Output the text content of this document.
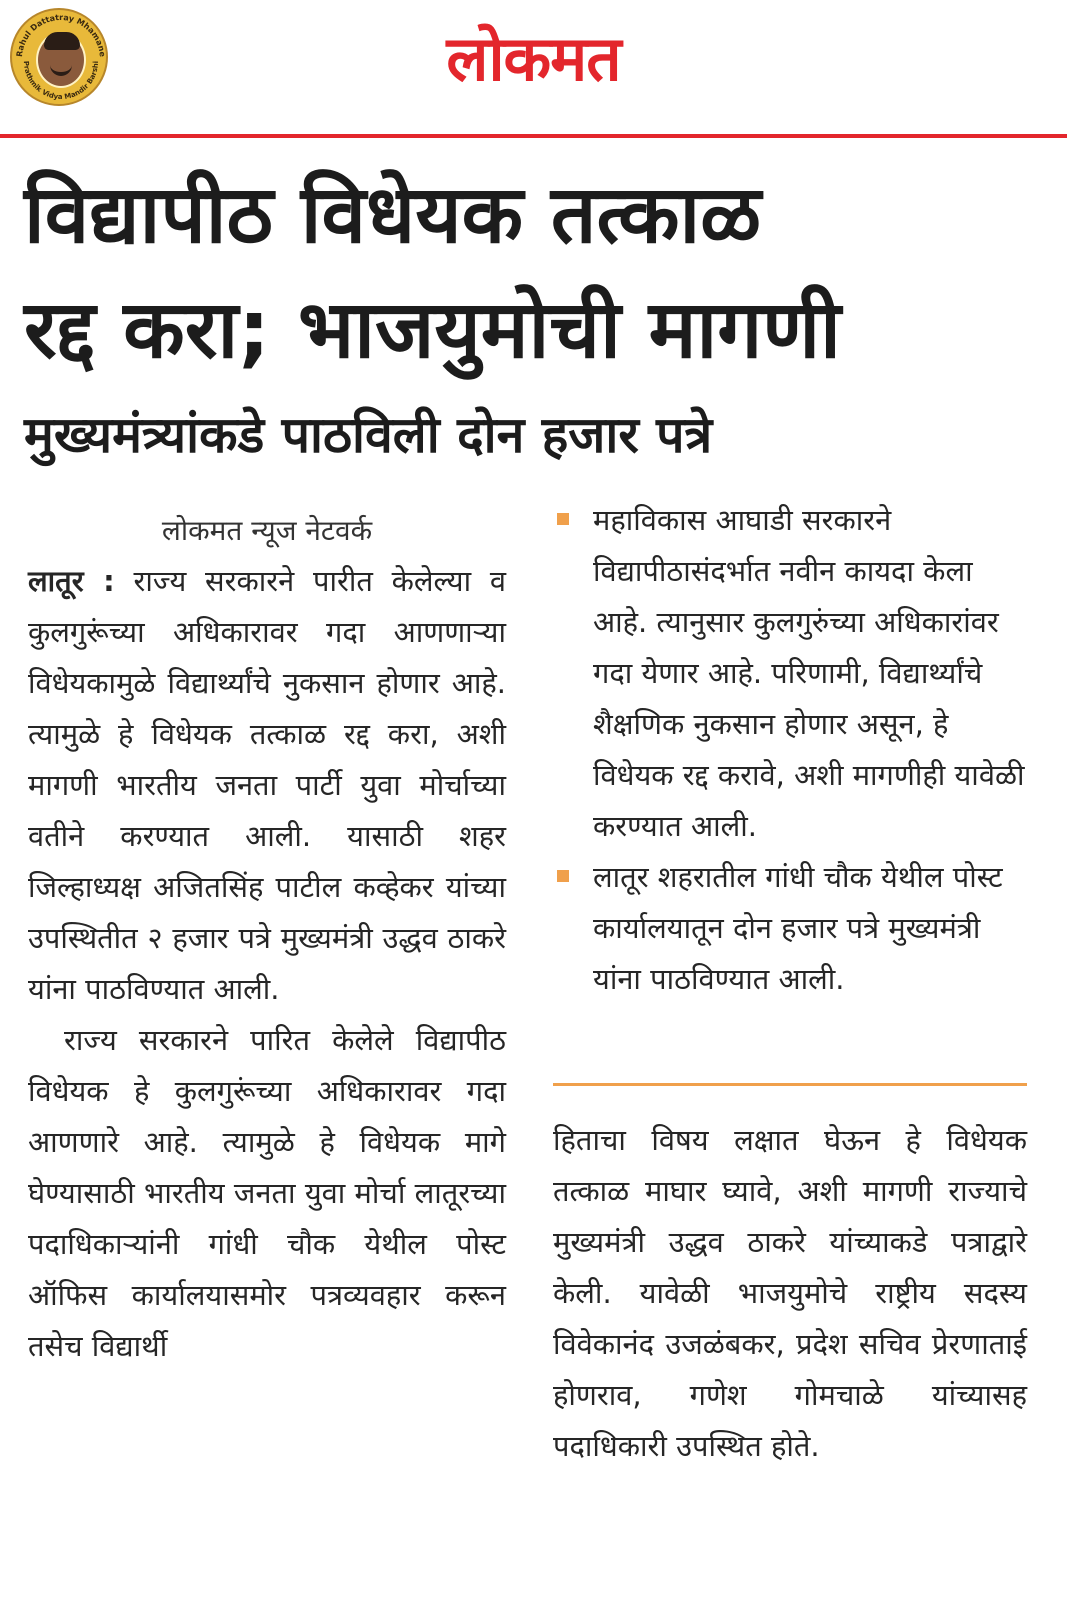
Rahul Dattatray Mhamane
Prathmik Vidya Mandir Barshi	लोकमत
विद्यापीठ विधेयक तत्काळ
रद्द करा; भाजयुमोची मागणी
मुख्यमंत्र्यांकडे पाठविली दोन हजार पत्रे
लोकमत न्यूज नेटवर्क

लातूर : राज्य सरकारने पारीत केलेल्या व कुलगुरूंच्या अधिकारावर गदा आणणाऱ्या विधेयकामुळे विद्यार्थ्यांचे नुकसान होणार आहे. त्यामुळे हे विधेयक तत्काळ रद्द करा, अशी मागणी भारतीय जनता पार्टी युवा मोर्चाच्या वतीने करण्यात आली. यासाठी शहर जिल्हाध्यक्ष अजितसिंह पाटील कव्हेकर यांच्या उपस्थितीत २ हजार पत्रे मुख्यमंत्री उद्धव ठाकरे यांना पाठविण्यात आली.

राज्य सरकारने पारित केलेले विद्यापीठ विधेयक हे कुलगुरूंच्या अधिकारावर गदा आणणारे आहे. त्यामुळे हे विधेयक मागे घेण्यासाठी भारतीय जनता युवा मोर्चा लातूरच्या पदाधिकाऱ्यांनी गांधी चौक येथील पोस्ट ऑफिस कार्यालयासमोर पत्रव्यवहार करून तसेच विद्यार्थी

महाविकास आघाडी सरकारने विद्यापीठासंदर्भात नवीन कायदा केला आहे. त्यानुसार कुलगुरुंच्या अधिकारांवर गदा येणार आहे. परिणामी, विद्यार्थ्यांचे शैक्षणिक नुकसान होणार असून, हे विधेयक रद्द करावे, अशी मागणीही यावेळी करण्यात आली.

लातूर शहरातील गांधी चौक येथील पोस्ट कार्यालयातून दोन हजार पत्रे मुख्यमंत्री यांना पाठविण्यात आली.

हिताचा विषय लक्षात घेऊन हे विधेयक तत्काळ माघार घ्यावे, अशी मागणी राज्याचे मुख्यमंत्री उद्धव ठाकरे यांच्याकडे पत्राद्वारे केली. यावेळी भाजयुमोचे राष्ट्रीय सदस्य विवेकानंद उजळंबकर, प्रदेश सचिव प्रेरणाताई होणराव, गणेश गोमचाळे यांच्यासह पदाधिकारी उपस्थित होते.
